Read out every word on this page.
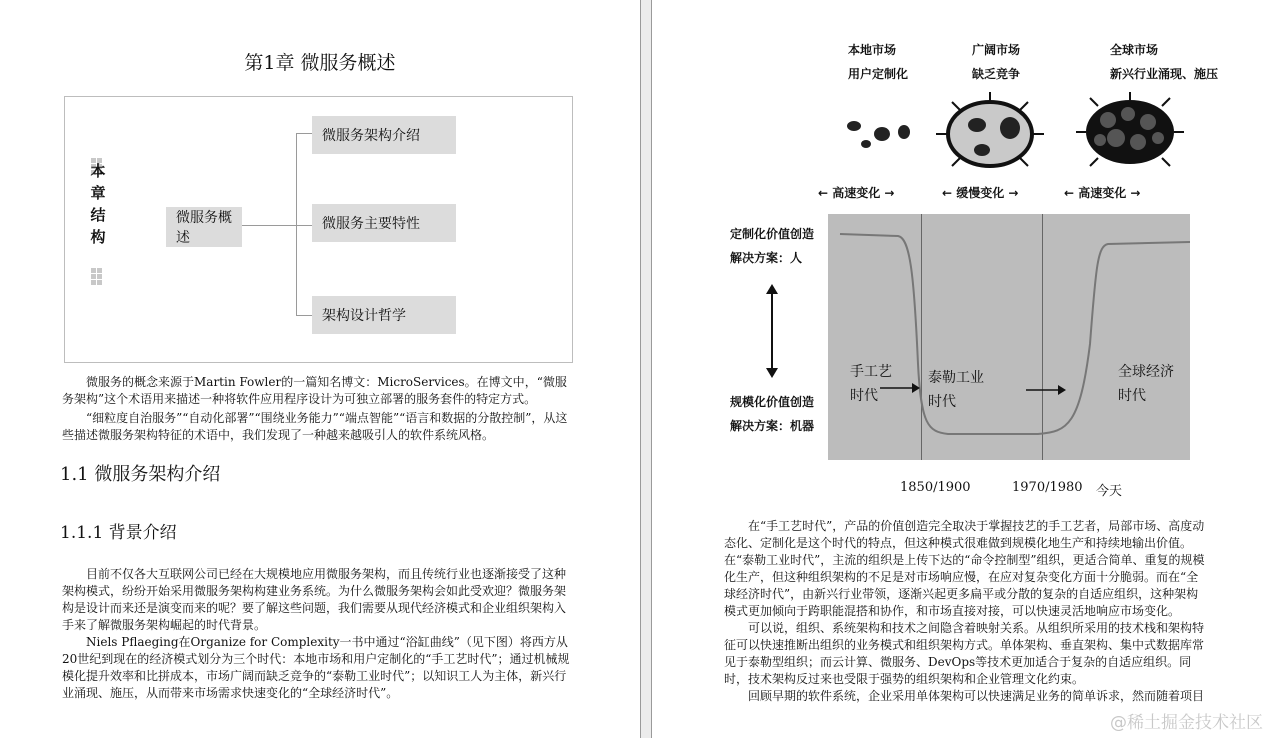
第1章 微服务概述
本章结构
微服务概述
微服务架构介绍
微服务主要特性
架构设计哲学
微服务的概念来源于Martin Fowler的一篇知名博文：MicroServices。在博文中，“微服务架构”这个术语用来描述一种将软件应用程序设计为可独立部署的服务套件的特定方式。
“细粒度自治服务”“自动化部署”“围绕业务能力”“端点智能”“语言和数据的分散控制”，从这些描述微服务架构特征的术语中，我们发现了一种越来越吸引人的软件系统风格。
1.1 微服务架构介绍
1.1.1 背景介绍
目前不仅各大互联网公司已经在大规模地应用微服务架构，而且传统行业也逐渐接受了这种架构模式，纷纷开始采用微服务架构构建业务系统。为什么微服务架构会如此受欢迎？微服务架构是设计而来还是演变而来的呢？要了解这些问题，我们需要从现代经济模式和企业组织架构入手来了解微服务架构崛起的时代背景。
Niels Pflaeging在Organize for Complexity一书中通过“浴缸曲线”（见下图）将西方从20世纪到现在的经济模式划分为三个时代：本地市场和用户定制化的“手工艺时代”；通过机械规模化提升效率和比拼成本，市场广阔而缺乏竞争的“泰勒工业时代”；以知识工人为主体，新兴行业涌现、施压，从而带来市场需求快速变化的“全球经济时代”。
本地市场
用户定制化
广阔市场
缺乏竞争
全球市场
新兴行业涌现、施压
← 高速变化 →	← 缓慢变化 →	← 高速变化 →
定制化价值创造
解决方案：人
规模化价值创造
解决方案：机器
手工艺
时代
泰勒工业
时代
全球经济
时代
1850/1900	1970/1980 今天
在“手工艺时代”，产品的价值创造完全取决于掌握技艺的手工艺者，局部市场、高度动态化、定制化是这个时代的特点，但这种模式很难做到规模化地生产和持续地输出价值。在“泰勒工业时代”，主流的组织是上传下达的“命令控制型”组织，更适合简单、重复的规模化生产，但这种组织架构的不足是对市场响应慢，在应对复杂变化方面十分脆弱。而在“全球经济时代”，由新兴行业带领，逐渐兴起更多扁平或分散的复杂的自适应组织，这种架构模式更加倾向于跨职能混搭和协作，和市场直接对接，可以快速灵活地响应市场变化。
可以说，组织、系统架构和技术之间隐含着映射关系。从组织所采用的技术栈和架构特征可以快速推断出组织的业务模式和组织架构方式。单体架构、垂直架构、集中式数据库常见于泰勒型组织；而云计算、微服务、DevOps等技术更加适合于复杂的自适应组织。同时，技术架构反过来也受限于强势的组织架构和企业管理文化约束。
回顾早期的软件系统，企业采用单体架构可以快速满足业务的简单诉求，然而随着项目
@稀土掘金技术社区
